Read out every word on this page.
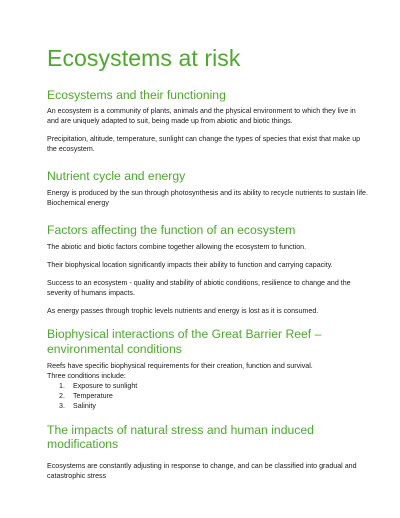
Ecosystems at risk
Ecosystems and their functioning

An ecosystem is a community of plants, animals and the physical environment to which they live in and are uniquely adapted to suit, being made up from abiotic and biotic things.

Precipitation, altitude, temperature, sunlight can change the types of species that exist that make up the ecosystem.

Nutrient cycle and energy

Energy is produced by the sun through photosynthesis and its ability to recycle nutrients to sustain life. Biochemical energy

Factors affecting the function of an ecosystem

The abiotic and biotic factors combine together allowing the ecosystem to function.

Their biophysical location significantly impacts their ability to function and carrying capacity.

Success to an ecosystem - quality and stability of abiotic conditions, resilience to change and the severity of humans impacts.

As energy passes through trophic levels nutrients and energy is lost as it is consumed.

Biophysical interactions of the Great Barrier Reef – environmental conditions

Reefs have specific biophysical requirements for their creation, function and survival.

Three conditions include:

1.	Exposure to sunlight
2.	Temperature
3.	Salinity
The impacts of natural stress and human induced modifications

Ecosystems are constantly adjusting in response to change, and can be classified into gradual and catastrophic stress
